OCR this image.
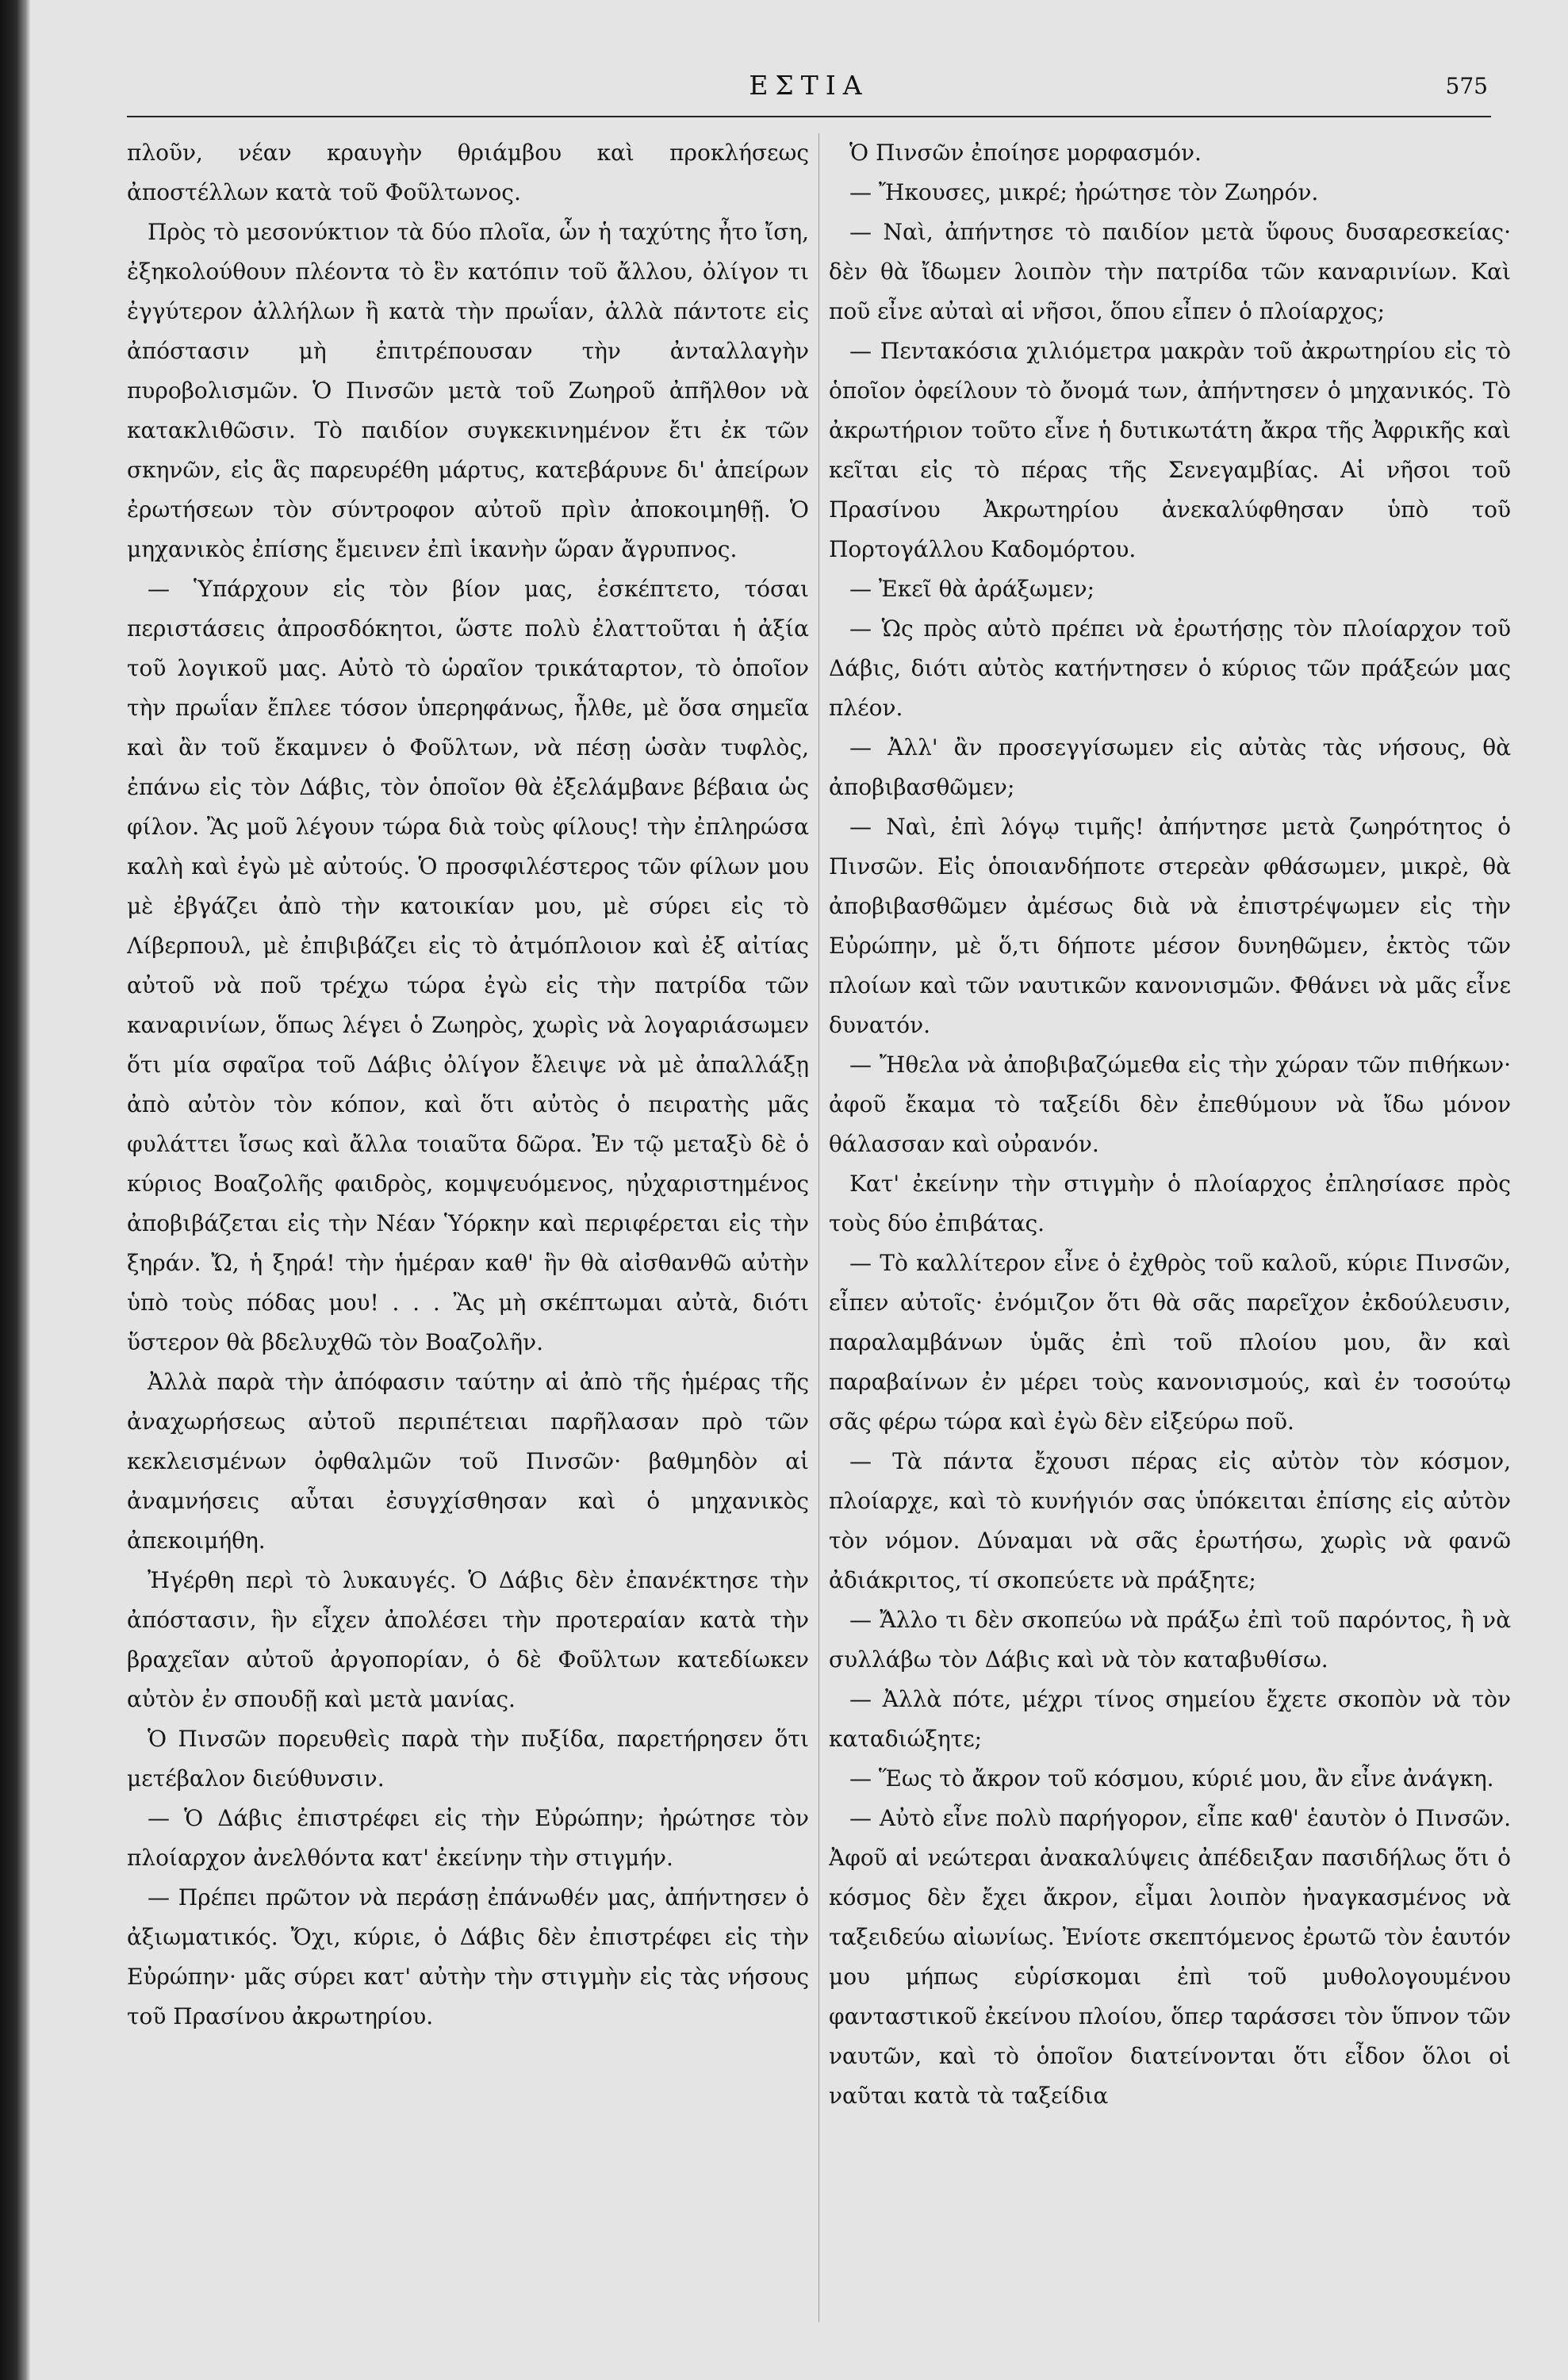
ΕΣΤΙΑ	575

πλοῦν, νέαν κραυγὴν θριάμβου καὶ προκλήσεως ἀποστέλλων κατὰ τοῦ Φοῦλτωνος.

Πρὸς τὸ μεσονύκτιον τὰ δύο πλοῖα, ὧν ἡ ταχύτης ἦτο ἴση, ἐξηκολούθουν πλέοντα τὸ ἓν κατόπιν τοῦ ἄλλου, ὀλίγον τι ἐγγύτερον ἀλλήλων ἢ κατὰ τὴν πρωΐαν, ἀλλὰ πάντοτε εἰς ἀπόστασιν μὴ ἐπιτρέπουσαν τὴν ἀνταλλαγὴν πυροβολισμῶν. Ὁ Πινσῶν μετὰ τοῦ Ζωηροῦ ἀπῆλθον νὰ κατακλιθῶσιν. Τὸ παιδίον συγκεκινημένον ἔτι ἐκ τῶν σκηνῶν, εἰς ἃς παρευρέθη μάρτυς, κατεβάρυνε δι' ἀπείρων ἐρωτήσεων τὸν σύντροφον αὐτοῦ πρὶν ἀποκοιμηθῇ. Ὁ μηχανικὸς ἐπίσης ἔμεινεν ἐπὶ ἱκανὴν ὥραν ἄγρυπνος.

— Ὑπάρχουν εἰς τὸν βίον μας, ἐσκέπτετο, τόσαι περιστάσεις ἀπροσδόκητοι, ὥστε πολὺ ἐλαττοῦται ἡ ἀξία τοῦ λογικοῦ μας. Αὐτὸ τὸ ὡραῖον τρικάταρτον, τὸ ὁποῖον τὴν πρωΐαν ἔπλεε τόσον ὑπερηφάνως, ἦλθε, μὲ ὅσα σημεῖα καὶ ἂν τοῦ ἔκαμνεν ὁ Φοῦλτων, νὰ πέσῃ ὡσὰν τυφλὸς, ἐπάνω εἰς τὸν Δάβις, τὸν ὁποῖον θὰ ἐξελάμβανε βέβαια ὡς φίλον. Ἂς μοῦ λέγουν τώρα διὰ τοὺς φίλους! τὴν ἐπληρώσα καλὴ καὶ ἐγὼ μὲ αὐτούς. Ὁ προσφιλέστερος τῶν φίλων μου μὲ ἐβγάζει ἀπὸ τὴν κατοικίαν μου, μὲ σύρει εἰς τὸ Λίβερπουλ, μὲ ἐπιβιβάζει εἰς τὸ ἀτμόπλοιον καὶ ἐξ αἰτίας αὐτοῦ νὰ ποῦ τρέχω τώρα ἐγὼ εἰς τὴν πατρίδα τῶν καναρινίων, ὅπως λέγει ὁ Ζωηρὸς, χωρὶς νὰ λογαριάσωμεν ὅτι μία σφαῖρα τοῦ Δάβις ὀλίγον ἔλειψε νὰ μὲ ἀπαλλάξῃ ἀπὸ αὐτὸν τὸν κόπον, καὶ ὅτι αὐτὸς ὁ πειρατὴς μᾶς φυλάττει ἴσως καὶ ἄλλα τοιαῦτα δῶρα. Ἐν τῷ μεταξὺ δὲ ὁ κύριος Βοαζολῆς φαιδρὸς, κομψευόμενος, ηὐχαριστημένος ἀποβιβάζεται εἰς τὴν Νέαν Ὑόρκην καὶ περιφέρεται εἰς τὴν ξηράν. Ὤ, ἡ ξηρά! τὴν ἡμέραν καθ' ἣν θὰ αἰσθανθῶ αὐτὴν ὑπὸ τοὺς πόδας μου! . . . Ἂς μὴ σκέπτωμαι αὐτὰ, διότι ὕστερον θὰ βδελυχθῶ τὸν Βοαζολῆν.

Ἀλλὰ παρὰ τὴν ἀπόφασιν ταύτην αἱ ἀπὸ τῆς ἡμέρας τῆς ἀναχωρήσεως αὐτοῦ περιπέτειαι παρῆλασαν πρὸ τῶν κεκλεισμένων ὀφθαλμῶν τοῦ Πινσῶν· βαθμηδὸν αἱ ἀναμνήσεις αὗται ἐσυγχίσθησαν καὶ ὁ μηχανικὸς ἀπεκοιμήθη.

Ἠγέρθη περὶ τὸ λυκαυγές. Ὁ Δάβις δὲν ἐπανέκτησε τὴν ἀπόστασιν, ἣν εἶχεν ἀπολέσει τὴν προτεραίαν κατὰ τὴν βραχεῖαν αὐτοῦ ἀργοπορίαν, ὁ δὲ Φοῦλτων κατεδίωκεν αὐτὸν ἐν σπουδῇ καὶ μετὰ μανίας.

Ὁ Πινσῶν πορευθεὶς παρὰ τὴν πυξίδα, παρετήρησεν ὅτι μετέβαλον διεύθυνσιν.

— Ὁ Δάβις ἐπιστρέφει εἰς τὴν Εὐρώπην; ἠρώτησε τὸν πλοίαρχον ἀνελθόντα κατ' ἐκείνην τὴν στιγμήν.

— Πρέπει πρῶτον νὰ περάσῃ ἐπάνωθέν μας, ἀπήντησεν ὁ ἀξιωματικός. Ὄχι, κύριε, ὁ Δάβις δὲν ἐπιστρέφει εἰς τὴν Εὐρώπην· μᾶς σύρει κατ' αὐτὴν τὴν στιγμὴν εἰς τὰς νήσους τοῦ Πρασίνου ἀκρωτηρίου.

Ὁ Πινσῶν ἐποίησε μορφασμόν.

— Ἤκουσες, μικρέ; ἠρώτησε τὸν Ζωηρόν.

— Ναὶ, ἀπήντησε τὸ παιδίον μετὰ ὕφους δυσαρεσκείας· δὲν θὰ ἴδωμεν λοιπὸν τὴν πατρίδα τῶν καναρινίων. Καὶ ποῦ εἶνε αὐταὶ αἱ νῆσοι, ὅπου εἶπεν ὁ πλοίαρχος;

— Πεντακόσια χιλιόμετρα μακρὰν τοῦ ἀκρωτηρίου εἰς τὸ ὁποῖον ὀφείλουν τὸ ὄνομά των, ἀπήντησεν ὁ μηχανικός. Τὸ ἀκρωτήριον τοῦτο εἶνε ἡ δυτικωτάτη ἄκρα τῆς Ἀφρικῆς καὶ κεῖται εἰς τὸ πέρας τῆς Σενεγαμβίας. Αἱ νῆσοι τοῦ Πρασίνου Ἀκρωτηρίου ἀνεκαλύφθησαν ὑπὸ τοῦ Πορτογάλλου Καδομόρτου.

— Ἐκεῖ θὰ ἀράξωμεν;

— Ὡς πρὸς αὐτὸ πρέπει νὰ ἐρωτήσῃς τὸν πλοίαρχον τοῦ Δάβις, διότι αὐτὸς κατήντησεν ὁ κύριος τῶν πράξεών μας πλέον.

— Ἀλλ' ἂν προσεγγίσωμεν εἰς αὐτὰς τὰς νήσους, θὰ ἀποβιβασθῶμεν;

— Ναὶ, ἐπὶ λόγῳ τιμῆς! ἀπήντησε μετὰ ζωηρότητος ὁ Πινσῶν. Εἰς ὁποιανδήποτε στερεὰν φθάσωμεν, μικρὲ, θὰ ἀποβιβασθῶμεν ἀμέσως διὰ νὰ ἐπιστρέψωμεν εἰς τὴν Εὐρώπην, μὲ ὅ,τι δήποτε μέσον δυνηθῶμεν, ἐκτὸς τῶν πλοίων καὶ τῶν ναυτικῶν κανονισμῶν. Φθάνει νὰ μᾶς εἶνε δυνατόν.

— Ἤθελα νὰ ἀποβιβαζώμεθα εἰς τὴν χώραν τῶν πιθήκων· ἀφοῦ ἔκαμα τὸ ταξείδι δὲν ἐπεθύμουν νὰ ἴδω μόνον θάλασσαν καὶ οὐρανόν.

Κατ' ἐκείνην τὴν στιγμὴν ὁ πλοίαρχος ἐπλησίασε πρὸς τοὺς δύο ἐπιβάτας.

— Τὸ καλλίτερον εἶνε ὁ ἐχθρὸς τοῦ καλοῦ, κύριε Πινσῶν, εἶπεν αὐτοῖς· ἐνόμιζον ὅτι θὰ σᾶς παρεῖχον ἐκδούλευσιν, παραλαμβάνων ὑμᾶς ἐπὶ τοῦ πλοίου μου, ἂν καὶ παραβαίνων ἐν μέρει τοὺς κανονισμούς, καὶ ἐν τοσούτῳ σᾶς φέρω τώρα καὶ ἐγὼ δὲν εἰξεύρω ποῦ.

— Τὰ πάντα ἔχουσι πέρας εἰς αὐτὸν τὸν κόσμον, πλοίαρχε, καὶ τὸ κυνήγιόν σας ὑπόκειται ἐπίσης εἰς αὐτὸν τὸν νόμον. Δύναμαι νὰ σᾶς ἐρωτήσω, χωρὶς νὰ φανῶ ἀδιάκριτος, τί σκοπεύετε νὰ πράξητε;

— Ἄλλο τι δὲν σκοπεύω νὰ πράξω ἐπὶ τοῦ παρόντος, ἢ νὰ συλλάβω τὸν Δάβις καὶ νὰ τὸν καταβυθίσω.

— Ἀλλὰ πότε, μέχρι τίνος σημείου ἔχετε σκοπὸν νὰ τὸν καταδιώξητε;

— Ἕως τὸ ἄκρον τοῦ κόσμου, κύριέ μου, ἂν εἶνε ἀνάγκη.

— Αὐτὸ εἶνε πολὺ παρήγορον, εἶπε καθ' ἑαυτὸν ὁ Πινσῶν. Ἀφοῦ αἱ νεώτεραι ἀνακαλύψεις ἀπέδειξαν πασιδήλως ὅτι ὁ κόσμος δὲν ἔχει ἄκρον, εἶμαι λοιπὸν ἠναγκασμένος νὰ ταξειδεύω αἰωνίως. Ἐνίοτε σκεπτόμενος ἐρωτῶ τὸν ἑαυτόν μου μήπως εὑρίσκομαι ἐπὶ τοῦ μυθολογουμένου φανταστικοῦ ἐκείνου πλοίου, ὅπερ ταράσσει τὸν ὕπνον τῶν ναυτῶν, καὶ τὸ ὁποῖον διατείνονται ὅτι εἶδον ὅλοι οἱ ναῦται κατὰ τὰ ταξείδια
